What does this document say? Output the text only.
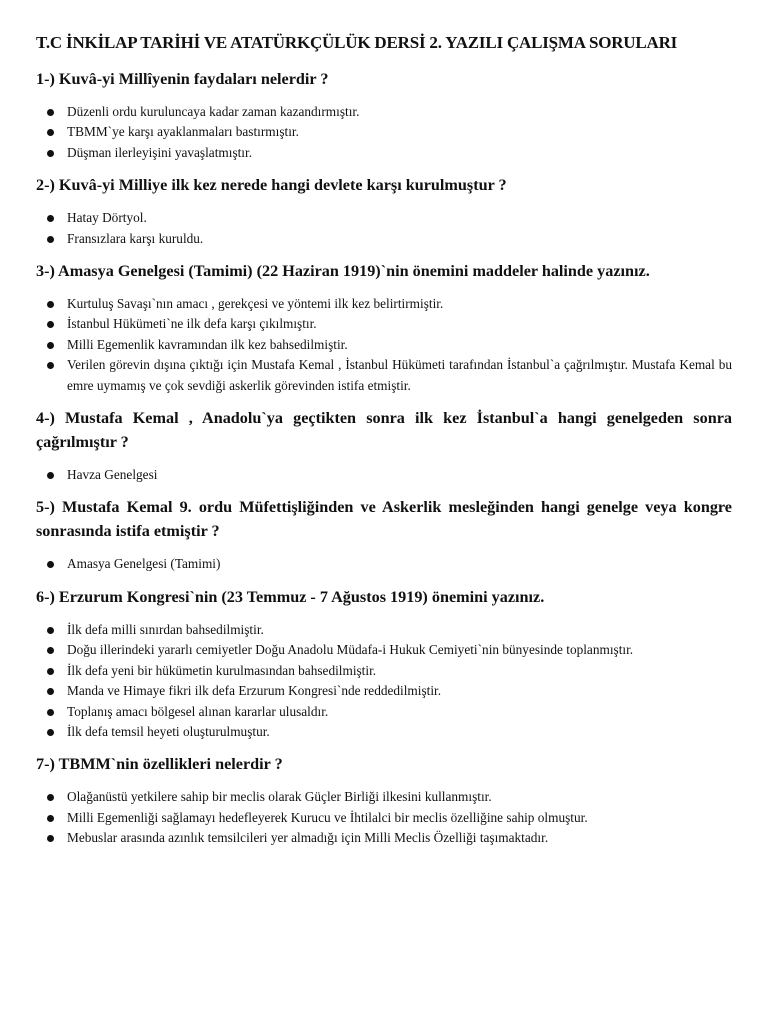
T.C İNKİLAP TARİHİ VE ATATÜRKÇÜLÜK DERSİ 2. YAZILI ÇALIŞMA SORULARI
1-) Kuvâ-yi Millîyenin faydaları nelerdir ?
Düzenli ordu kuruluncaya kadar zaman kazandırmıştır.
TBMM`ye karşı ayaklanmaları bastırmıştır.
Düşman ilerleyişini yavaşlatmıştır.
2-) Kuvâ-yi Milliye ilk kez nerede hangi devlete karşı kurulmuştur ?
Hatay Dörtyol.
Fransızlara karşı kuruldu.
3-) Amasya Genelgesi (Tamimi) (22 Haziran 1919)`nin önemini maddeler halinde yazınız.
Kurtuluş Savaşı`nın amacı , gerekçesi ve yöntemi ilk kez belirtirmiştir.
İstanbul Hükümeti`ne ilk defa karşı çıkılmıştır.
Milli Egemenlik kavramından ilk kez bahsedilmiştir.
Verilen görevin dışına çıktığı için Mustafa Kemal , İstanbul Hükümeti tarafından İstanbul`a çağrılmıştır. Mustafa Kemal bu emre uymamış ve çok sevdiği askerlik görevinden istifa etmiştir.
4-) Mustafa Kemal , Anadolu`ya geçtikten sonra ilk kez İstanbul`a hangi genelgeden sonra çağrılmıştır ?
Havza Genelgesi
5-) Mustafa Kemal 9. ordu Müfettişliğinden ve Askerlik mesleğinden hangi genelge veya kongre sonrasında istifa etmiştir ?
Amasya Genelgesi (Tamimi)
6-) Erzurum Kongresi`nin (23 Temmuz - 7 Ağustos 1919) önemini yazınız.
İlk defa milli sınırdan bahsedilmiştir.
Doğu illerindeki yararlı cemiyetler Doğu Anadolu Müdafa-i Hukuk Cemiyeti`nin bünyesinde toplanmıştır.
İlk defa yeni bir hükümetin kurulmasından bahsedilmiştir.
Manda ve Himaye fikri ilk defa Erzurum Kongresi`nde reddedilmiştir.
Toplanış amacı bölgesel alınan kararlar ulusaldır.
İlk defa temsil heyeti oluşturulmuştur.
7-) TBMM`nin özellikleri nelerdir ?
Olağanüstü yetkilere sahip bir meclis olarak Güçler Birliği ilkesini kullanmıştır.
Milli Egemenliği sağlamayı hedefleyerek Kurucu ve İhtilalci bir meclis özelliğine sahip olmuştur.
Mebuslar arasında azınlık temsilcileri yer almadığı için Milli Meclis Özelliği taşımaktadır.
